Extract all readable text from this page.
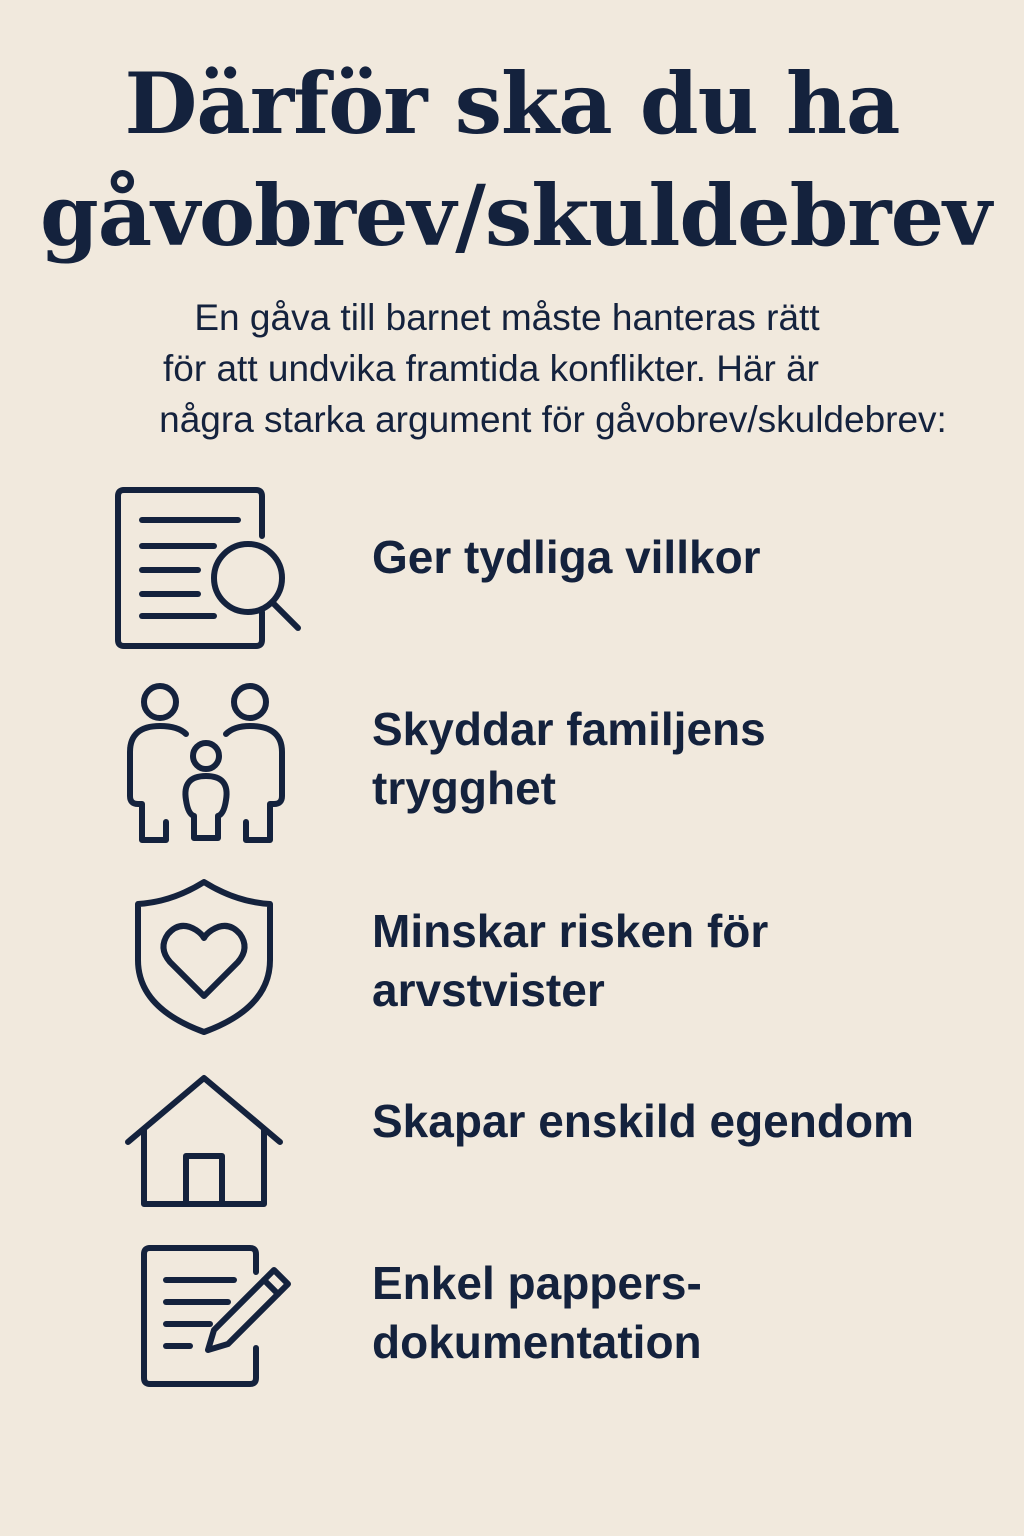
Därför ska du ha
gåvobrev/skuldebrev
En gåva till barnet måste hanteras rätt
för att undvika framtida konflikter. Här är
några starka argument för gåvobrev/skuldebrev:
Ger tydliga villkor
Skyddar familjens
trygghet
Minskar risken för
arvstvister
Skapar enskild egendom
Enkel pappers-
dokumentation
